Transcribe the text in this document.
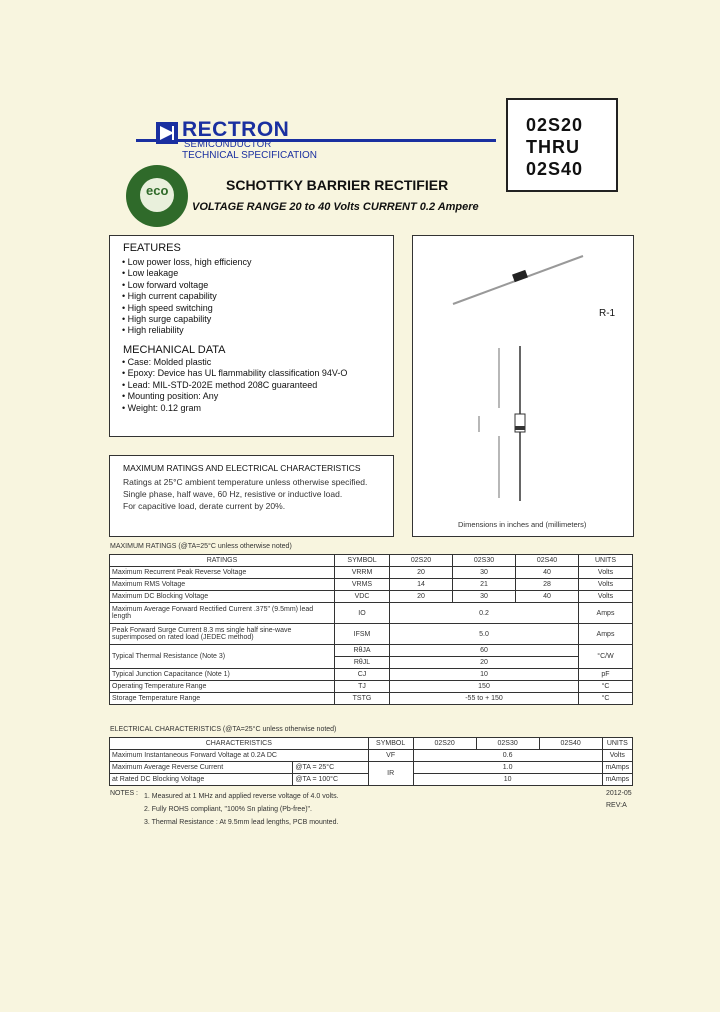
RECTRON
SEMICONDUCTOR
TECHNICAL SPECIFICATION
eco
02S20
THRU
02S40
SCHOTTKY BARRIER RECTIFIER
VOLTAGE RANGE 20 to 40 Volts CURRENT 0.2 Ampere
FEATURES
• Low power loss, high efficiency
• Low leakage
• Low forward voltage
• High current capability
• High speed switching
• High surge capability
• High reliability
MECHANICAL DATA
• Case: Molded plastic
• Epoxy: Device has UL flammability classification 94V-O
• Lead: MIL-STD-202E method 208C guaranteed
• Mounting position: Any
• Weight: 0.12 gram
R-1
Dimensions in inches and (millimeters)
MAXIMUM RATINGS AND ELECTRICAL CHARACTERISTICS
Ratings at 25°C ambient temperature unless otherwise specified.
Single phase, half wave, 60 Hz, resistive or inductive load.
For capacitive load, derate current by 20%.
MAXIMUM RATINGS (@TA=25°C unless otherwise noted)
RATINGS	SYMBOL	02S20	02S30	02S40	UNITS
Maximum Recurrent Peak Reverse Voltage	VRRM	20	30	40	Volts
Maximum RMS Voltage	VRMS	14	21	28	Volts
Maximum DC Blocking Voltage	VDC	20	30	40	Volts
Maximum Average Forward Rectified Current .375" (9.5mm) lead length	IO	0.2			Amps
Peak Forward Surge Current 8.3 ms single half sine-wave superimposed on rated load (JEDEC method)	IFSM	5.0			Amps
Typical Thermal Resistance (Note 3)	RθJA	60			°C/W
	RθJL	20			
Typical Junction Capacitance (Note 1)	CJ	10			pF
Operating Temperature Range	TJ	150			°C
Storage Temperature Range	TSTG	-55 to + 150			°C
ELECTRICAL CHARACTERISTICS (@TA=25°C unless otherwise noted)
CHARACTERISTICS		SYMBOL	02S20	02S30	02S40	UNITS
Maximum Instantaneous Forward Voltage at 0.2A DC		VF	0.6			Volts
Maximum Average Reverse Current	@TA = 25°C	IR	1.0			mAmps
at Rated DC Blocking Voltage	@TA = 100°C		10			mAmps
NOTES : 1. Measured at 1 MHz and applied reverse voltage of 4.0 volts.
2. Fully ROHS compliant, "100% Sn plating (Pb-free)".
3. Thermal Resistance : At 9.5mm lead lengths, PCB mounted.
2012-05
REV:A
